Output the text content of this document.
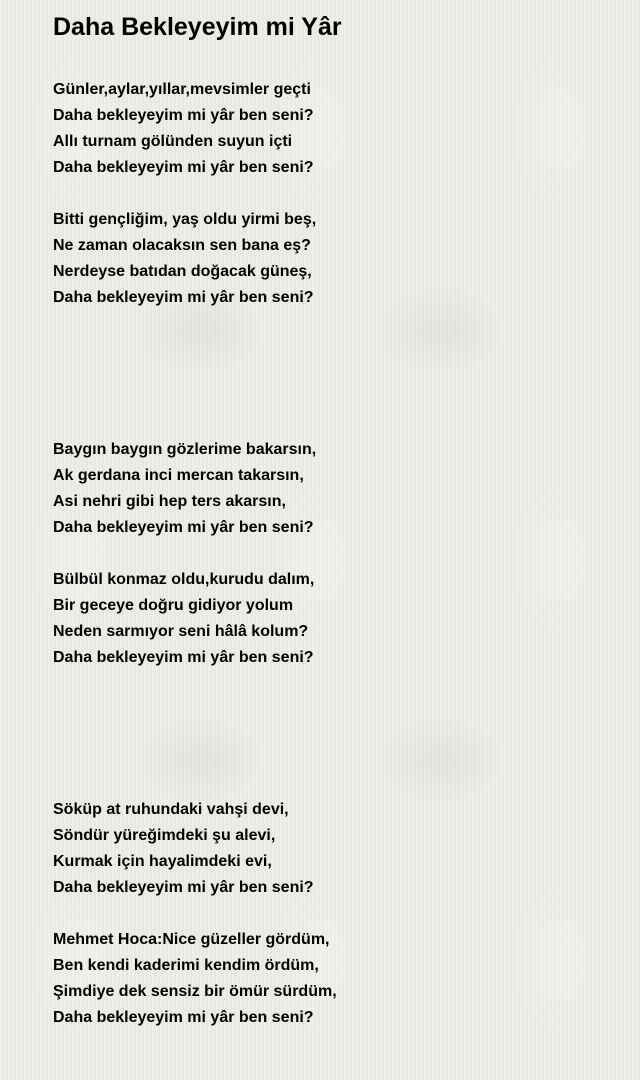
Daha Bekleyeyim mi Yâr

Günler,aylar,yıllar,mevsimler geçti

Daha bekleyeyim mi yâr ben seni?

Allı turnam gölünden suyun içti

Daha bekleyeyim mi yâr ben seni?

Bitti gençliğim, yaş oldu yirmi beş,

Ne zaman olacaksın sen bana eş?

Nerdeyse batıdan doğacak güneş,

Daha bekleyeyim mi yâr ben seni?

Baygın baygın gözlerime bakarsın,

Ak gerdana inci mercan takarsın,

Asi nehri gibi hep ters akarsın,

Daha bekleyeyim mi yâr ben seni?

Bülbül konmaz oldu,kurudu dalım,

Bir geceye doğru gidiyor yolum

Neden sarmıyor seni hâlâ kolum?

Daha bekleyeyim mi yâr ben seni?

Söküp at ruhundaki vahşi devi,

Söndür yüreğimdeki şu alevi,

Kurmak için hayalimdeki evi,

Daha bekleyeyim mi yâr ben seni?

Mehmet Hoca:Nice güzeller gördüm,

Ben kendi kaderimi kendim ördüm,

Şimdiye dek sensiz bir ömür sürdüm,

Daha bekleyeyim mi yâr ben seni?
